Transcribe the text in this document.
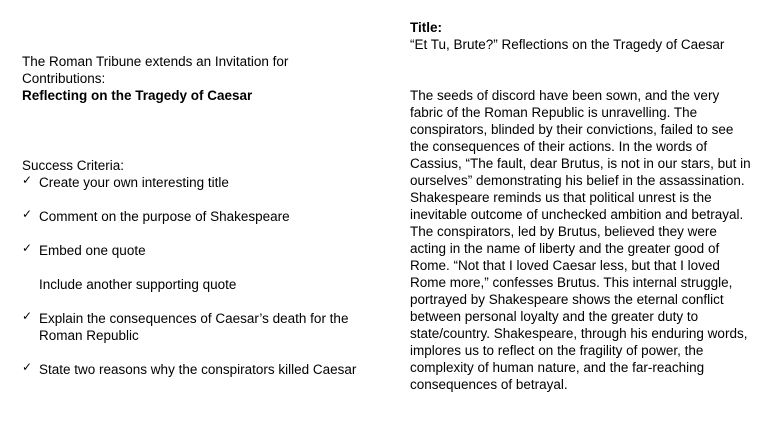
The Roman Tribune extends an Invitation for
Contributions:
Reflecting on the Tragedy of Caesar
Success Criteria:
✓ Create your own interesting title
✓ Comment on the purpose of Shakespeare
✓ Embed one quote
Include another supporting quote
✓ Explain the consequences of Caesar’s death for the Roman Republic
✓ State two reasons why the conspirators killed Caesar
Title:
“Et Tu, Brute?” Reflections on the Tragedy of Caesar
The seeds of discord have been sown, and the very fabric of the Roman Republic is unravelling. The conspirators, blinded by their convictions, failed to see the consequences of their actions. In the words of Cassius, “The fault, dear Brutus, is not in our stars, but in ourselves” demonstrating his belief in the assassination. Shakespeare reminds us that political unrest is the inevitable outcome of unchecked ambition and betrayal. The conspirators, led by Brutus, believed they were acting in the name of liberty and the greater good of Rome. “Not that I loved Caesar less, but that I loved Rome more,” confesses Brutus. This internal struggle, portrayed by Shakespeare shows the eternal conflict between personal loyalty and the greater duty to state/country. Shakespeare, through his enduring words, implores us to reflect on the fragility of power, the complexity of human nature, and the far-reaching consequences of betrayal.
